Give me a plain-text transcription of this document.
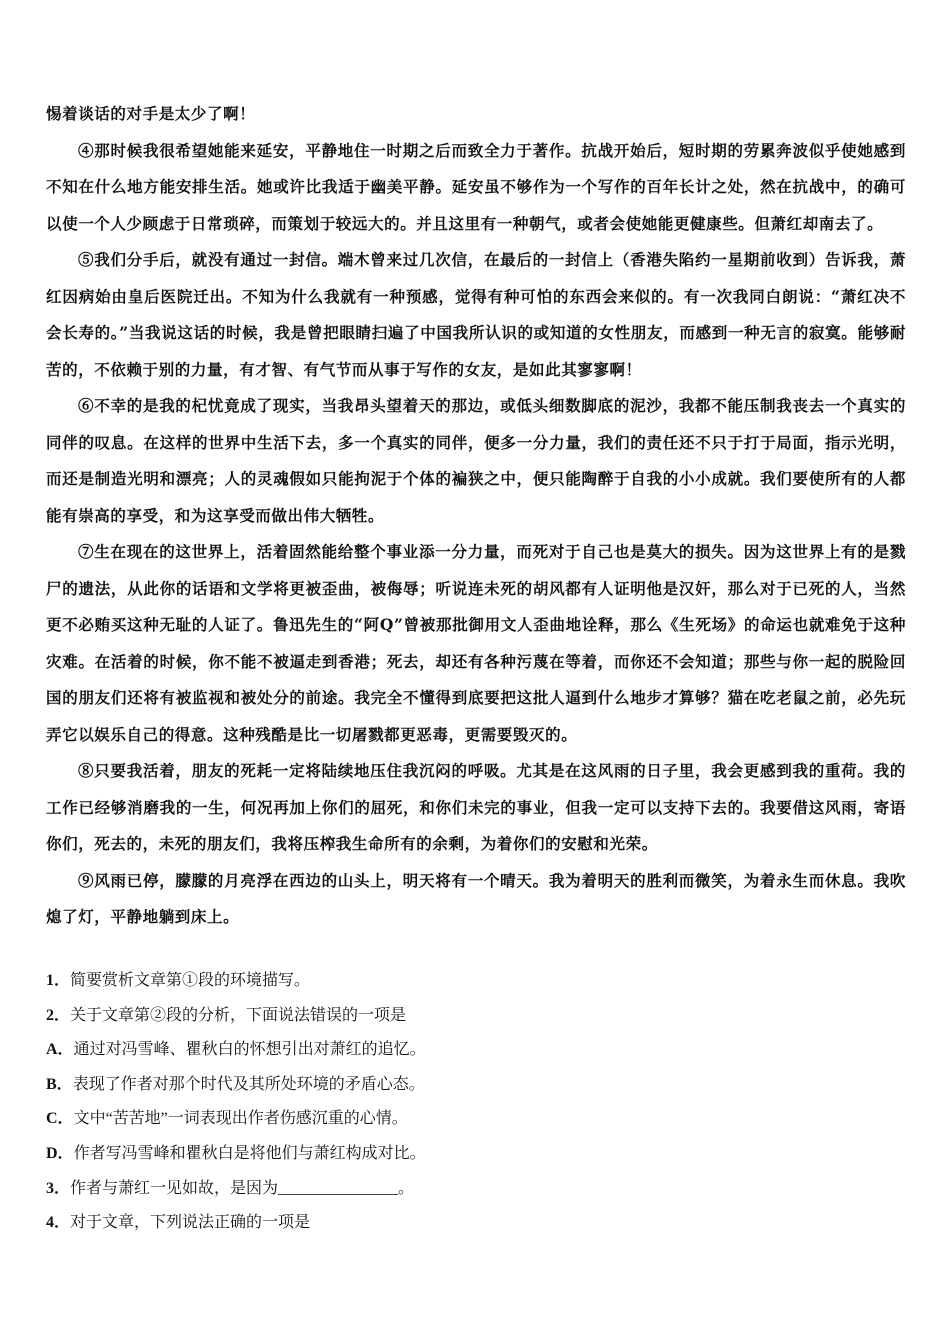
惕着谈话的对手是太少了啊！

④那时候我很希望她能来延安，平静地住一时期之后而致全力于著作。抗战开始后，短时期的劳累奔波似乎使她感到不知在什么地方能安排生活。她或许比我适于幽美平静。延安虽不够作为一个写作的百年长计之处，然在抗战中，的确可以使一个人少顾虑于日常琐碎，而策划于较远大的。并且这里有一种朝气，或者会使她能更健康些。但萧红却南去了。

⑤我们分手后，就没有通过一封信。端木曾来过几次信，在最后的一封信上（香港失陷约一星期前收到）告诉我，萧红因病始由皇后医院迁出。不知为什么我就有一种预感，觉得有种可怕的东西会来似的。有一次我同白朗说：“萧红决不会长寿的。”当我说这话的时候，我是曾把眼睛扫遍了中国我所认识的或知道的女性朋友，而感到一种无言的寂寞。能够耐苦的，不依赖于别的力量，有才智、有气节而从事于写作的女友，是如此其寥寥啊！

⑥不幸的是我的杞忧竟成了现实，当我昂头望着天的那边，或低头细数脚底的泥沙，我都不能压制我丧去一个真实的同伴的叹息。在这样的世界中生活下去，多一个真实的同伴，便多一分力量，我们的责任还不只于打于局面，指示光明，而还是制造光明和漂亮；人的灵魂假如只能拘泥于个体的褊狭之中，便只能陶醉于自我的小小成就。我们要使所有的人都能有崇高的享受，和为这享受而做出伟大牺牲。

⑦生在现在的这世界上，活着固然能给整个事业添一分力量，而死对于自己也是莫大的损失。因为这世界上有的是戮尸的遗法，从此你的话语和文学将更被歪曲，被侮辱；听说连未死的胡风都有人证明他是汉奸，那么对于已死的人，当然更不必贿买这种无耻的人证了。鲁迅先生的“阿Q”曾被那批御用文人歪曲地诠释，那么《生死场》的命运也就难免于这种灾难。在活着的时候，你不能不被逼走到香港；死去，却还有各种污蔑在等着，而你还不会知道；那些与你一起的脱险回国的朋友们还将有被监视和被处分的前途。我完全不懂得到底要把这批人逼到什么地步才算够？猫在吃老鼠之前，必先玩弄它以娱乐自己的得意。这种残酷是比一切屠戮都更恶毒，更需要毁灭的。

⑧只要我活着，朋友的死耗一定将陆续地压住我沉闷的呼吸。尤其是在这风雨的日子里，我会更感到我的重荷。我的工作已经够消磨我的一生，何况再加上你们的屈死，和你们未完的事业，但我一定可以支持下去的。我要借这风雨，寄语你们，死去的，未死的朋友们，我将压榨我生命所有的余剩，为着你们的安慰和光荣。

⑨风雨已停，朦朦的月亮浮在西边的山头上，明天将有一个晴天。我为着明天的胜利而微笑，为着永生而休息。我吹熄了灯，平静地躺到床上。

1．简要赏析文章第①段的环境描写。

2．关于文章第②段的分析，下面说法错误的一项是

A．通过对冯雪峰、瞿秋白的怀想引出对萧红的追忆。

B．表现了作者对那个时代及其所处环境的矛盾心态。

C．文中“苦苦地”一词表现出作者伤感沉重的心情。

D．作者写冯雪峰和瞿秋白是将他们与萧红构成对比。

3．作者与萧红一见如故，是因为_______________。

4．对于文章，下列说法正确的一项是
